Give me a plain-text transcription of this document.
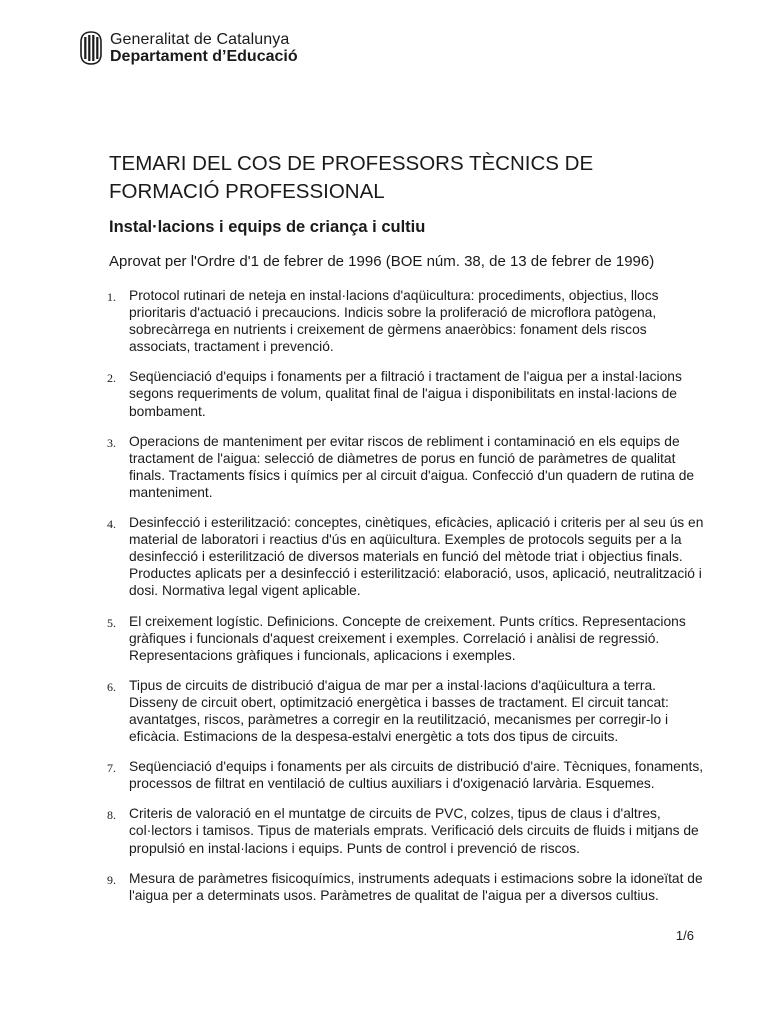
Generalitat de Catalunya
Departament d’Educació
TEMARI DEL COS DE PROFESSORS TÈCNICS DE FORMACIÓ PROFESSIONAL
Instal·lacions i equips de criança i cultiu

Aprovat per l'Ordre d'1 de febrer de 1996 (BOE núm. 38, de 13 de febrer de 1996)

1. Protocol rutinari de neteja en instal·lacions d'aqüicultura: procediments, objectius, llocs prioritaris d'actuació i precaucions. Indicis sobre la proliferació de microflora patògena, sobrecàrrega en nutrients i creixement de gèrmens anaeròbics: fonament dels riscos associats, tractament i prevenció.
2. Seqüenciació d'equips i fonaments per a filtració i tractament de l'aigua per a instal·lacions segons requeriments de volum, qualitat final de l'aigua i disponibilitats en instal·lacions de bombament.
3. Operacions de manteniment per evitar riscos de rebliment i contaminació en els equips de tractament de l'aigua: selecció de diàmetres de porus en funció de paràmetres de qualitat finals. Tractaments físics i químics per al circuit d'aigua. Confecció d'un quadern de rutina de manteniment.
4. Desinfecció i esterilització: conceptes, cinètiques, eficàcies, aplicació i criteris per al seu ús en material de laboratori i reactius d'ús en aqüicultura. Exemples de protocols seguits per a la desinfecció i esterilització de diversos materials en funció del mètode triat i objectius finals. Productes aplicats per a desinfecció i esterilització: elaboració, usos, aplicació, neutralització i dosi. Normativa legal vigent aplicable.
5. El creixement logístic. Definicions. Concepte de creixement. Punts crítics. Representacions gràfiques i funcionals d'aquest creixement i exemples. Correlació i anàlisi de regressió. Representacions gràfiques i funcionals, aplicacions i exemples.
6. Tipus de circuits de distribució d'aigua de mar per a instal·lacions d'aqüicultura a terra. Disseny de circuit obert, optimització energètica i basses de tractament. El circuit tancat: avantatges, riscos, paràmetres a corregir en la reutilització, mecanismes per corregir-lo i eficàcia. Estimacions de la despesa-estalvi energètic a tots dos tipus de circuits.
7. Seqüenciació d'equips i fonaments per als circuits de distribució d'aire. Tècniques, fonaments, processos de filtrat en ventilació de cultius auxiliars i d'oxigenació larvària. Esquemes.
8. Criteris de valoració en el muntatge de circuits de PVC, colzes, tipus de claus i d'altres, col·lectors i tamisos. Tipus de materials emprats. Verificació dels circuits de fluids i mitjans de propulsió en instal·lacions i equips. Punts de control i prevenció de riscos.
9. Mesura de paràmetres fisicoquímics, instruments adequats i estimacions sobre la idoneïtat de l'aigua per a determinats usos. Paràmetres de qualitat de l'aigua per a diversos cultius.
1/6
